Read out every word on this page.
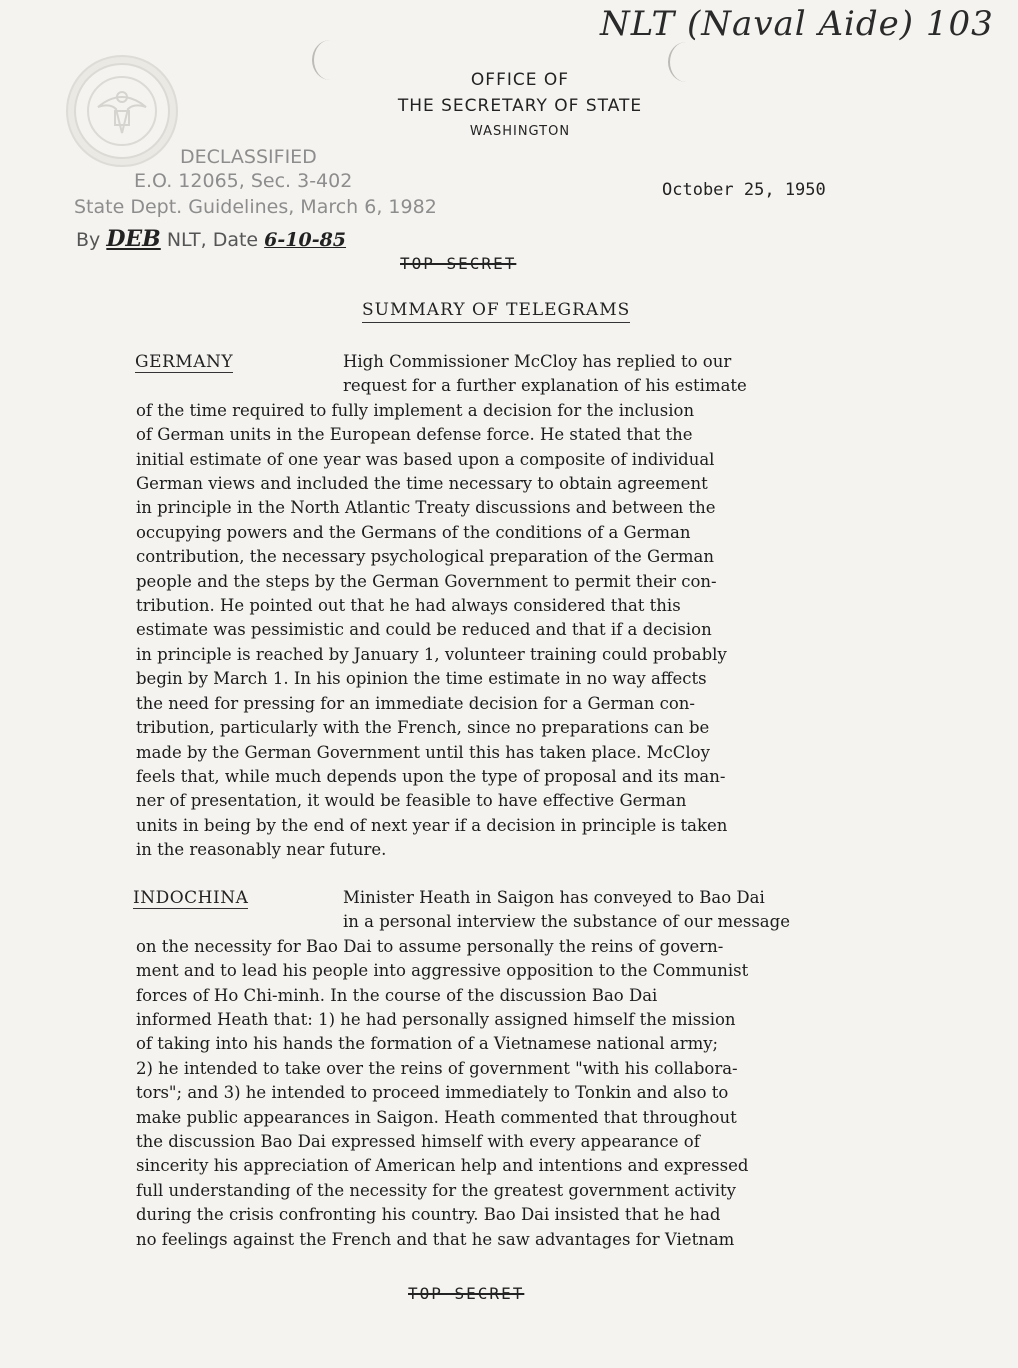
NLT (Naval Aide) 103
OFFICE OF
THE SECRETARY OF STATE
WASHINGTON
DECLASSIFIED
E.O. 12065, Sec. 3-402
State Dept. Guidelines, March 6, 1982
By DEB NLT, Date 6-10-85
October 25, 1950
TOP SECRET
SUMMARY OF TELEGRAMS
GERMANY	High Commissioner McCloy has replied to our
request for a further explanation of his estimate
of the time required to fully implement a decision for the inclusion
of German units in the European defense force. He stated that the
initial estimate of one year was based upon a composite of individual
German views and included the time necessary to obtain agreement
in principle in the North Atlantic Treaty discussions and between the
occupying powers and the Germans of the conditions of a German
contribution, the necessary psychological preparation of the German
people and the steps by the German Government to permit their con-
tribution. He pointed out that he had always considered that this
estimate was pessimistic and could be reduced and that if a decision
in principle is reached by January 1, volunteer training could probably
begin by March 1. In his opinion the time estimate in no way affects
the need for pressing for an immediate decision for a German con-
tribution, particularly with the French, since no preparations can be
made by the German Government until this has taken place. McCloy
feels that, while much depends upon the type of proposal and its man-
ner of presentation, it would be feasible to have effective German
units in being by the end of next year if a decision in principle is taken
in the reasonably near future.
INDOCHINA	Minister Heath in Saigon has conveyed to Bao Dai
in a personal interview the substance of our message
on the necessity for Bao Dai to assume personally the reins of govern-
ment and to lead his people into aggressive opposition to the Communist
forces of Ho Chi-minh. In the course of the discussion Bao Dai
informed Heath that: 1) he had personally assigned himself the mission
of taking into his hands the formation of a Vietnamese national army;
2) he intended to take over the reins of government "with his collabora-
tors"; and 3) he intended to proceed immediately to Tonkin and also to
make public appearances in Saigon. Heath commented that throughout
the discussion Bao Dai expressed himself with every appearance of
sincerity his appreciation of American help and intentions and expressed
full understanding of the necessity for the greatest government activity
during the crisis confronting his country. Bao Dai insisted that he had
no feelings against the French and that he saw advantages for Vietnam
TOP SECRET
